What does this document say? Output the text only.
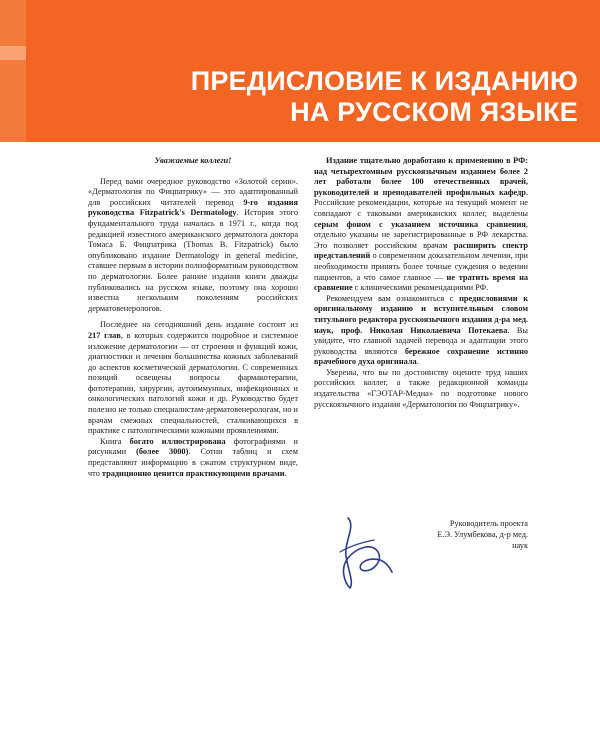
ПРЕДИСЛОВИЕ К ИЗДАНИЮ
НА РУССКОМ ЯЗЫКЕ

Уважаемые коллеги!

Перед вами очередное руководство «Золотой серии». «Дерматология по Фицпатрику» — это адаптированный для российских читателей перевод 9-го издания руководства Fitzpatrick's Dermatology. История этого фундаментального труда началась в 1971 г., когда под редакцией известного американского дерматолога доктора Томаса Б. Фицпатрика (Thomas B. Fitzpatrick) было опубликовано издание Dermatology in general medicine, ставшее первым в истории полноформатным руководством по дерматологии. Более ранние издания книги дважды публиковались на русском языке, поэтому она хорошо известна нескольким поколениям российских дерматовенерологов.

Последнее на сегодняшний день издание состоит из 217 глав, в которых содержится подробное и системное изложение дерматологии — от строения и функций кожи, диагностики и лечения большинства кожных заболеваний до аспектов косметической дерматологии. С современных позиций освещены вопросы фармакотерапии, фототерапии, хирургии, аутоиммунных, инфекционных и онкологических патологий кожи и др. Руководство будет полезно не только специалистам-дерматовенерологам, но и врачам смежных специальностей, сталкивающихся в практике с патологическими кожными проявлениями.

Книга богато иллюстрирована фотографиями и рисунками (более 3000). Сотни таблиц и схем представляют информацию в сжатом структурном виде, что традиционно ценится практикующими врачами.

Издание тщательно доработано к применению в РФ: над четырехтомным русскоязычным изданием более 2 лет работали более 100 отечественных врачей, руководителей и преподавателей профильных кафедр. Российские рекомендации, которые на текущий момент не совпадают с таковыми американских коллег, выделены серым фоном с указанием источника сравнения, отдельно указаны не зарегистрированные в РФ лекарства. Это позволяет российским врачам расширить спектр представлений о современном доказательном лечении, при необходимости принять более точные суждения о ведении пациентов, а что самое главное — не тратить время на сравнение с клиническими рекомендациями РФ.

Рекомендуем вам ознакомиться с предисловиями к оригинальному изданию и вступительным словом титульного редактора русскоязычного издания д-ра мед. наук, проф. Николая Николаевича Потекаева. Вы увидите, что главной задачей перевода и адаптации этого руководства являются бережное сохранение истинно врачебного духа оригинала.

Уверены, что вы по достоинству оцените труд наших российских коллег, а также редакционной команды издательства «ГЭОТАР-Медиа» по подготовке нового русскоязычного издания «Дерматологии по Фицпатрику».

Руководитель проекта
Е.Э. Улумбекова, д-р мед. наук
